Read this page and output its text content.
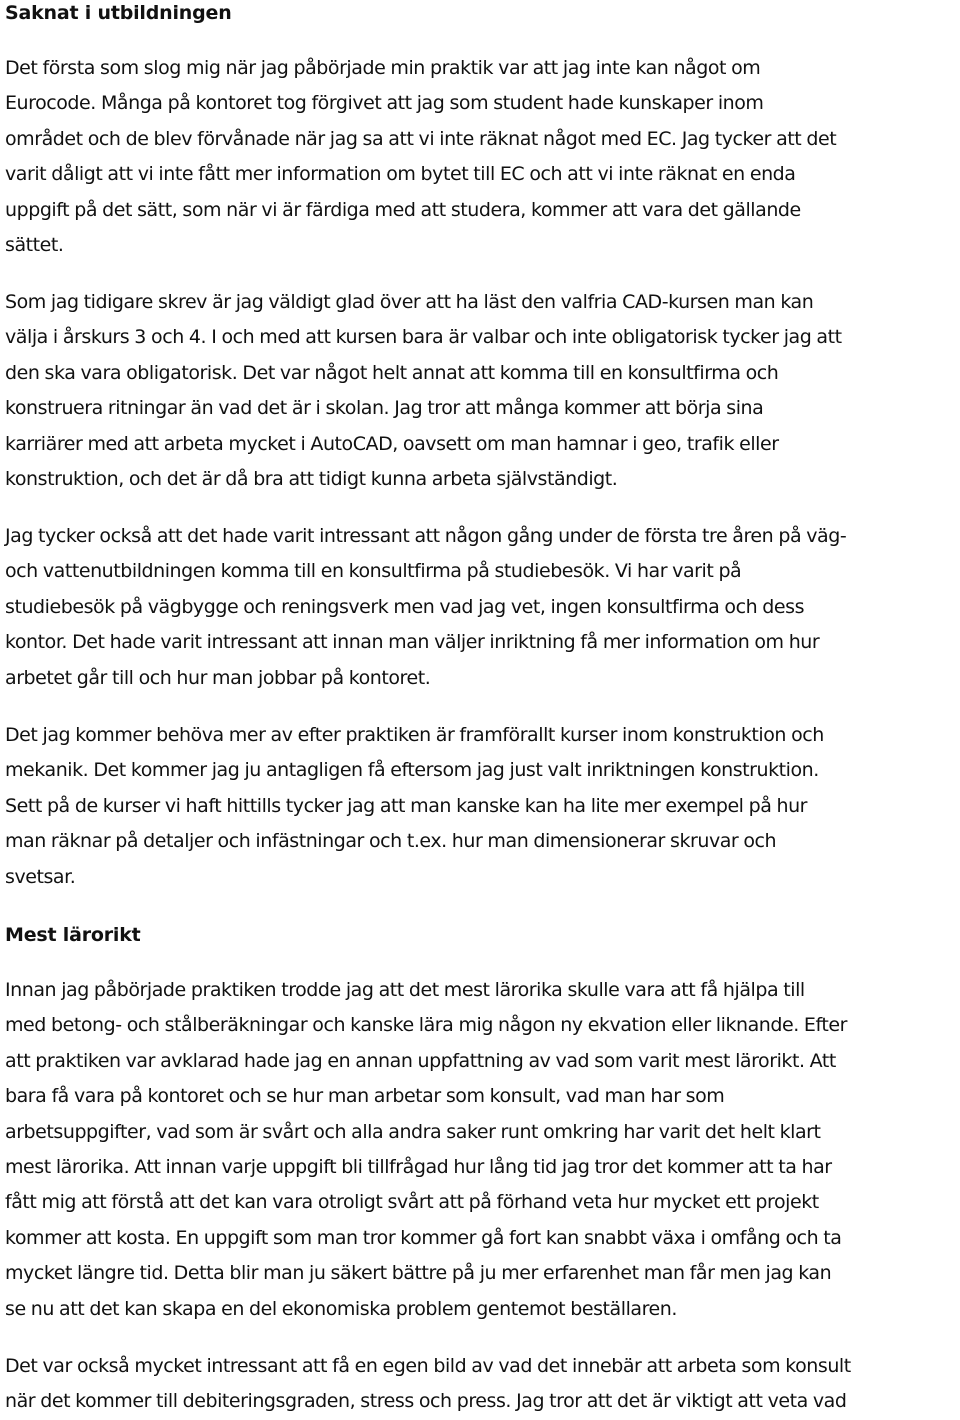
Saknat i utbildningen

Det första som slog mig när jag påbörjade min praktik var att jag inte kan något om
Eurocode. Många på kontoret tog förgivet att jag som student hade kunskaper inom
området och de blev förvånade när jag sa att vi inte räknat något med EC. Jag tycker att det
varit dåligt att vi inte fått mer information om bytet till EC och att vi inte räknat en enda
uppgift på det sätt, som när vi är färdiga med att studera, kommer att vara det gällande
sättet.

Som jag tidigare skrev är jag väldigt glad över att ha läst den valfria CAD-kursen man kan
välja i årskurs 3 och 4. I och med att kursen bara är valbar och inte obligatorisk tycker jag att
den ska vara obligatorisk. Det var något helt annat att komma till en konsultfirma och
konstruera ritningar än vad det är i skolan. Jag tror att många kommer att börja sina
karriärer med att arbeta mycket i AutoCAD, oavsett om man hamnar i geo, trafik eller
konstruktion, och det är då bra att tidigt kunna arbeta självständigt.

Jag tycker också att det hade varit intressant att någon gång under de första tre åren på väg-
och vattenutbildningen komma till en konsultfirma på studiebesök. Vi har varit på
studiebesök på vägbygge och reningsverk men vad jag vet, ingen konsultfirma och dess
kontor. Det hade varit intressant att innan man väljer inriktning få mer information om hur
arbetet går till och hur man jobbar på kontoret.

Det jag kommer behöva mer av efter praktiken är framförallt kurser inom konstruktion och
mekanik. Det kommer jag ju antagligen få eftersom jag just valt inriktningen konstruktion.
Sett på de kurser vi haft hittills tycker jag att man kanske kan ha lite mer exempel på hur
man räknar på detaljer och infästningar och t.ex. hur man dimensionerar skruvar och
svetsar.

Mest lärorikt

Innan jag påbörjade praktiken trodde jag att det mest lärorika skulle vara att få hjälpa till
med betong- och stålberäkningar och kanske lära mig någon ny ekvation eller liknande. Efter
att praktiken var avklarad hade jag en annan uppfattning av vad som varit mest lärorikt. Att
bara få vara på kontoret och se hur man arbetar som konsult, vad man har som
arbetsuppgifter, vad som är svårt och alla andra saker runt omkring har varit det helt klart
mest lärorika. Att innan varje uppgift bli tillfrågad hur lång tid jag tror det kommer att ta har
fått mig att förstå att det kan vara otroligt svårt att på förhand veta hur mycket ett projekt
kommer att kosta. En uppgift som man tror kommer gå fort kan snabbt växa i omfång och ta
mycket längre tid. Detta blir man ju säkert bättre på ju mer erfarenhet man får men jag kan
se nu att det kan skapa en del ekonomiska problem gentemot beställaren.

Det var också mycket intressant att få en egen bild av vad det innebär att arbeta som konsult
när det kommer till debiteringsgraden, stress och press. Jag tror att det är viktigt att veta vad
